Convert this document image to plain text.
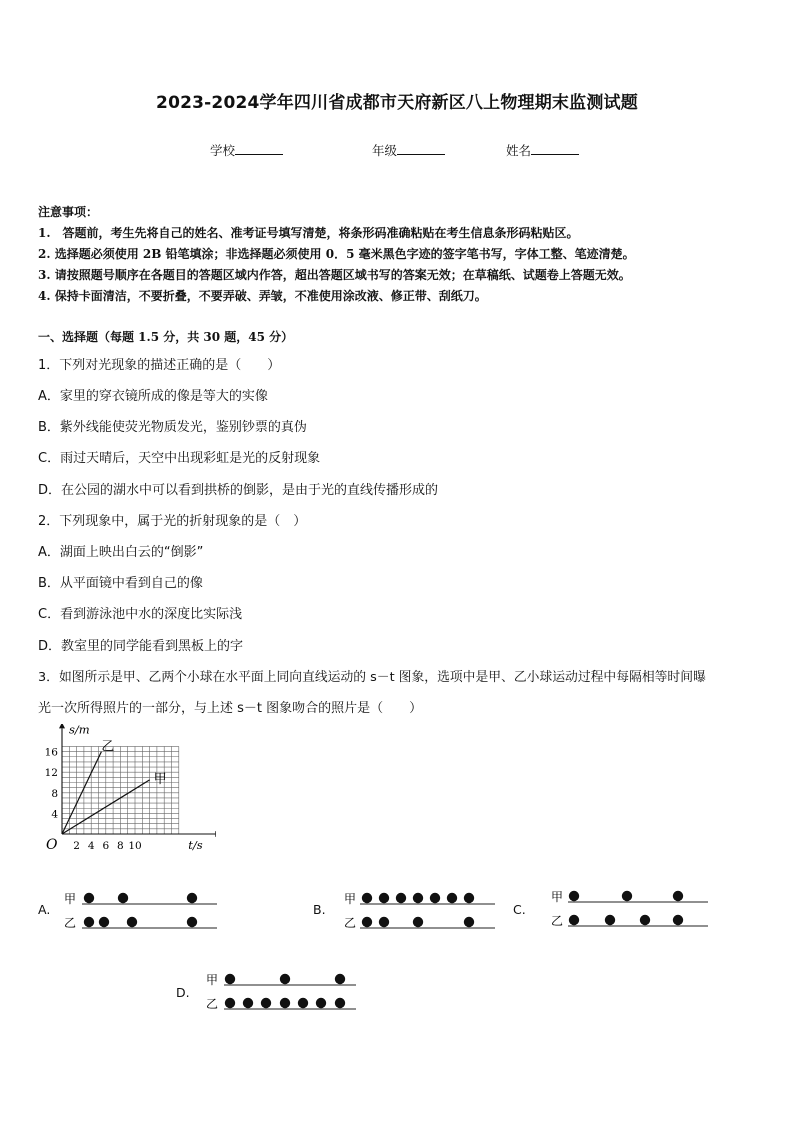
2023-2024学年四川省成都市天府新区八上物理期末监测试题
学校	年级	姓名
注意事项：
1.　答题前，考生先将自己的姓名、准考证号填写清楚，将条形码准确粘贴在考生信息条形码粘贴区。
2. 选择题必须使用 2B 铅笔填涂；非选择题必须使用 0．5 毫米黑色字迹的签字笔书写，字体工整、笔迹清楚。
3. 请按照题号顺序在各题目的答题区域内作答，超出答题区域书写的答案无效；在草稿纸、试题卷上答题无效。
4. 保持卡面清洁，不要折叠，不要弄破、弄皱，不准使用涂改液、修正带、刮纸刀。
一、选择题（每题 1.5 分，共 30 题，45 分）
1．下列对光现象的描述正确的是（　　）
A．家里的穿衣镜所成的像是等大的实像
B．紫外线能使荧光物质发光，鉴别钞票的真伪
C．雨过天晴后，天空中出现彩虹是光的反射现象
D．在公园的湖水中可以看到拱桥的倒影，是由于光的直线传播形成的
2．下列现象中，属于光的折射现象的是（　）
A．湖面上映出白云的“倒影”
B．从平面镜中看到自己的像
C．看到游泳池中水的深度比实际浅
D．教室里的同学能看到黑板上的字
3．如图所示是甲、乙两个小球在水平面上同向直线运动的 s－t 图象，选项中是甲、乙小球运动过程中每隔相等时间曝
光一次所得照片的一部分，与上述 s－t 图象吻合的照片是（　　）
乙
甲
2 4 6 8 10
4
8
12
16
O
s/m
t/s
A.
甲
乙
B.
甲
乙
C.
甲
乙
D.
甲
乙
